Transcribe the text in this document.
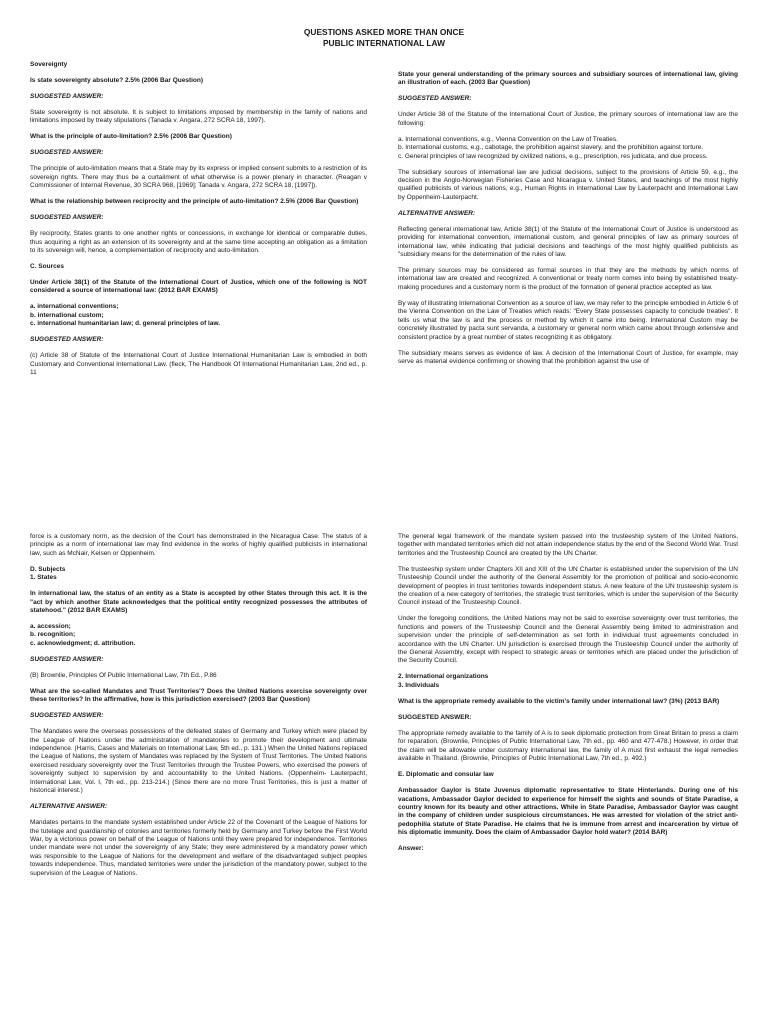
QUESTIONS ASKED MORE THAN ONCE
PUBLIC INTERNATIONAL LAW

Sovereignty

Is state sovereignty absolute? 2.5% (2006 Bar Question)

SUGGESTED ANSWER:

State sovereignty is not absolute. It is subject to limitations imposed by membership in the family of nations and limitations imposed by treaty stipulations (Tanada v. Angara, 272 SCRA 18, 1997).

What is the principle of auto-limitation? 2.5% (2006 Bar Question)

SUGGESTED ANSWER:

The principle of auto-limitation means that a State may by its express or implied consent submits to a restriction of its sovereign rights. There may thus be a curtailment of what otherwise is a power plenary in character. (Reagan v Commissioner of Internal Revenue, 30 SCRA 968, [1969]; Tanada v. Angara, 272 SCRA 18, [1997]).

What is the relationship between reciprocity and the principle of auto-limitation? 2.5% (2006 Bar Question)

SUGGESTED ANSWER:

By reciprocity, States grants to one another rights or concessions, in exchange for identical or comparable duties, thus acquiring a right as an extension of its sovereignty and at the same time accepting an obligation as a limitation to its sovereign will, hence, a complementation of reciprocity and auto-limitation.

C. Sources

Under Article 38(1) of the Statute of the International Court of Justice, which one of the following is NOT considered a source of international law: (2012 BAR EXAMS)

a. international conventions;
b. international custom;
c. international humanitarian law; d. general principles of law.

SUGGESTED ANSWER:

(c) Article 38 of Statute of the International Court of Justice International Humanitarian Law is embodied in both Customary and Conventional International Law. (fleck, The Handbook Of International Humanitarian Law, 2nd ed., p. 11

State your general understanding of the primary sources and subsidiary sources of international law, giving an illustration of each. (2003 Bar Question)

SUGGESTED ANSWER:

Under Article 38 of the Statute of the International Court of Justice, the primary sources of international law are the following:

a. International conventions, e.g., Vienna Convention on the Law of Treaties.
b. International customs, e.g., cabotage, the prohibition against slavery, and the prohibition against torture.
c. General principles of law recognized by civilized nations, e.g., prescription, res judicata, and due process.

The subsidiary sources of international law are judicial decisions, subject to the provisions of Article 59, e.g., the decision in the Anglo-Norwegian Fisheries Case and Nicaragua v. United States, and teachings of the most highly qualified publicists of various nations, e.g., Human Rights in International Law by Lauterpacht and International Law by Oppenheim-Lauterpacht.

ALTERNATIVE ANSWER:

Reflecting general international law, Article 38(1) of the Statute of the International Court of Justice is understood as providing for international convention, international custom, and general principles of law as primary sources of international law, while indicating that judicial decisions and teachings of the most highly qualified publicists as "subsidiary means for the determination of the rules of law.

The primary sources may be considered as formal sources in that they are the methods by which norms of international law are created and recognized. A conventional or treaty norm comes into being by established treaty-making procedures and a customary norm is the product of the formation of general practice accepted as law.

By way of illustrating International Convention as a source of law, we may refer to the principle embodied in Article 6 of the Vienna Convention on the Law of Treaties which reads: "Every State possesses capacity to conclude treaties". It tells us what the law is and the process or method by which it came into being. International Custom may be concretely illustrated by pacta sunt servanda, a customary or general norm which came about through extensive and consistent practice by a great number of states recognizing it as obligatory.

The subsidiary means serves as evidence of law. A decision of the International Court of Justice, for example, may serve as material evidence confirming or showing that the prohibition against the use of

force is a customary norm, as the decision of the Court has demonstrated in the Nicaragua Case. The status of a principle as a norm of international law may find evidence in the works of highly qualified publicists in international law, such as McNair, Kelsen or Oppenheim.

D. Subjects
1. States

In international law, the status of an entity as a State is accepted by other States through this act. It is the "act by which another State acknowledges that the political entity recognized possesses the attributes of statehood." (2012 BAR EXAMS)

a. accession;
b. recognition;
c. acknowledgment; d. attribution.

SUGGESTED ANSWER:

(B) Brownlie, Principles Of Public International Law, 7th Ed., P.86

What are the so-called Mandates and Trust Territories'? Does the United Nations exercise sovereignty over these territories? In the affirmative, how is this jurisdiction exercised? (2003 Bar Question)

SUGGESTED ANSWER:

The Mandates were the overseas possessions of the defeated states of Germany and Turkey which were placed by the League of Nations under the administration of mandatories to promote their development and ultimate independence. (Harris, Cases and Materials on International Law, 5th ed., p. 131.) When the United Nations replaced the League of Nations, the system of Mandates was replaced by the System of Trust Territories. The United Nations exercised residuary sovereignty over the Trust Territories through the Trustee Powers, who exercised the powers of sovereignty subject to supervision by and accountability to the United Nations. (Oppenheim- Lauterpacht, International Law, Vol. I, 7th ed., pp. 213-214.) (Since there are no more Trust Territories, this is just a matter of historical interest.)

ALTERNATIVE ANSWER:

Mandates pertains to the mandate system established under Article 22 of the Covenant of the League of Nations for the tutelage and guardianship of colonies and territories formerly held by Germany and Turkey before the First World War, by a victorious power on behalf of the League of Nations until they were prepared for independence. Territories under mandate were not under the sovereignty of any State; they were administered by a mandatory power which was responsible to the League of Nations for the development and welfare of the disadvantaged subject peoples towards independence. Thus, mandated territories were under the jurisdiction of the mandatory power, subject to the supervision of the League of Nations.

The general legal framework of the mandate system passed into the trusteeship system of the United Nations, together with mandated territories which did not attain independence status by the end of the Second World War. Trust territories and the Trusteeship Council are created by the UN Charter.

The trusteeship system under Chapters XII and XIII of the UN Charter is established under the supervision of the UN Trusteeship Council under the authority of the General Assembly for the promotion of political and socio-economic development of peoples in trust territories towards independent status. A new feature of the UN trusteeship system is the creation of a new category of territories, the strategic trust territories, which is under the supervision of the Security Council instead of the Trusteeship Council.

Under the foregoing conditions, the United Nations may not be said to exercise sovereignty over trust territories, the functions and powers of the Trusteeship Council and the General Assembly being limited to administration and supervision under the principle of self-determination as set forth in individual trust agreements concluded in accordance with the UN Charter. UN jurisdiction is exercised through the Trusteeship Council under the authority of the General Assembly, except with respect to strategic areas or territories which are placed under the jurisdiction of the Security Council.

2. International organizations
3. Individuals

What is the appropriate remedy available to the victim's family under international law? (3%) (2013 BAR)

SUGGESTED ANSWER:

The appropriate remedy available to the family of A is to seek diplomatic protection from Great Britain to press a claim for reparation. (Brownlie, Principles of Public International Law, 7th ed., pp. 460 and 477-478.) However, in order that the claim will be allowable under customary international law, the family of A must first exhaust the legal remedies available in Thailand. (Brownlie, Principles of Public International Law, 7th ed., p. 492.)

E. Diplomatic and consular law

Ambassador Gaylor is State Juvenus diplomatic representative to State Hinterlands. During one of his vacations, Ambassador Gaylor decided to experience for himself the sights and sounds of State Paradise, a country known for its beauty and other attractions. While in State Paradise, Ambassador Gaylor was caught in the company of children under suspicious circumstances. He was arrested for violation of the strict anti-pedophilia statute of State Paradise. He claims that he is immune from arrest and incarceration by virtue of his diplomatic immunity. Does the claim of Ambassador Gaylor hold water? (2014 BAR)

Answer:
